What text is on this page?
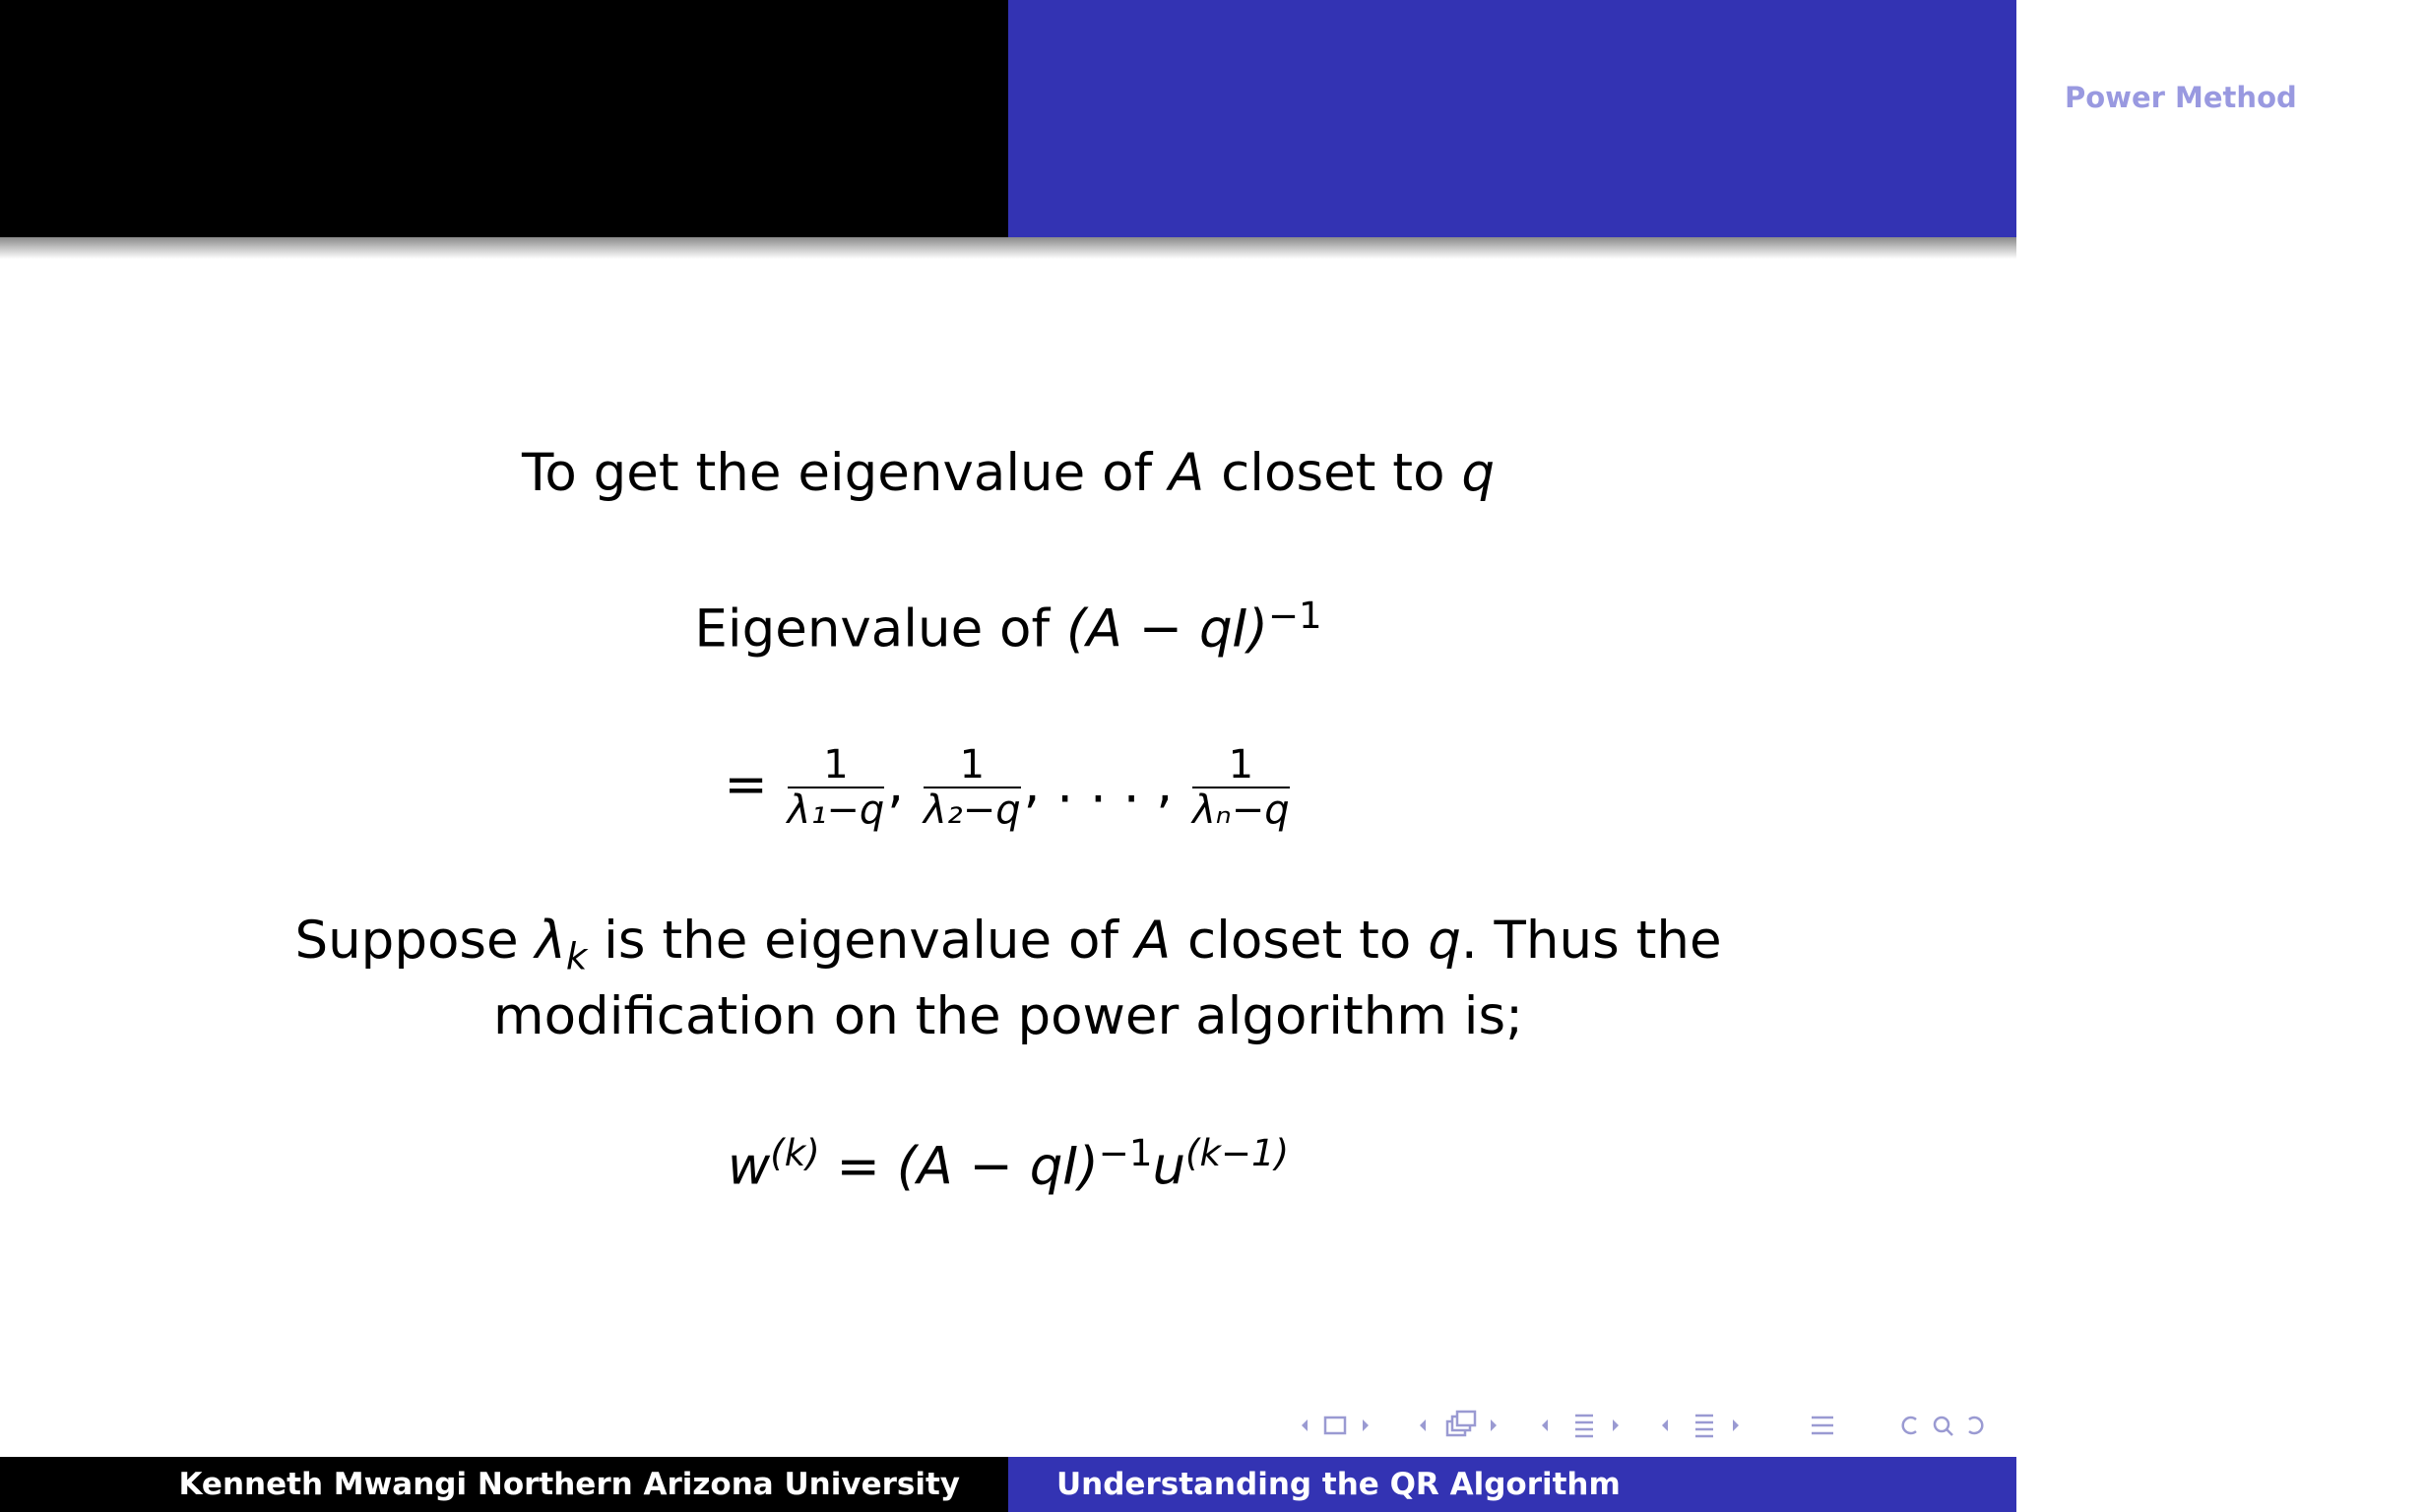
Power Method
Inverse Power Method
To get the eigenvalue of A closet to q
Eigenvalue of (A − qI)$^{-1}$
= $\frac{1}{\text{λ₁−q}}$ , $\frac{1}{\text{λ₂−q}}$ , . . . , $\frac{1}{\text{λₙ−q}}$
Suppose $\lambda_k$ is the eigenvalue of A closet to q. Thus the
modification on the power algorithm is;
$w^{(k)} = (A - qI)^{-1}u^{(k-1)}$
Kenneth Mwangi Northern Arizona University	Understanding the QR Algorithm
